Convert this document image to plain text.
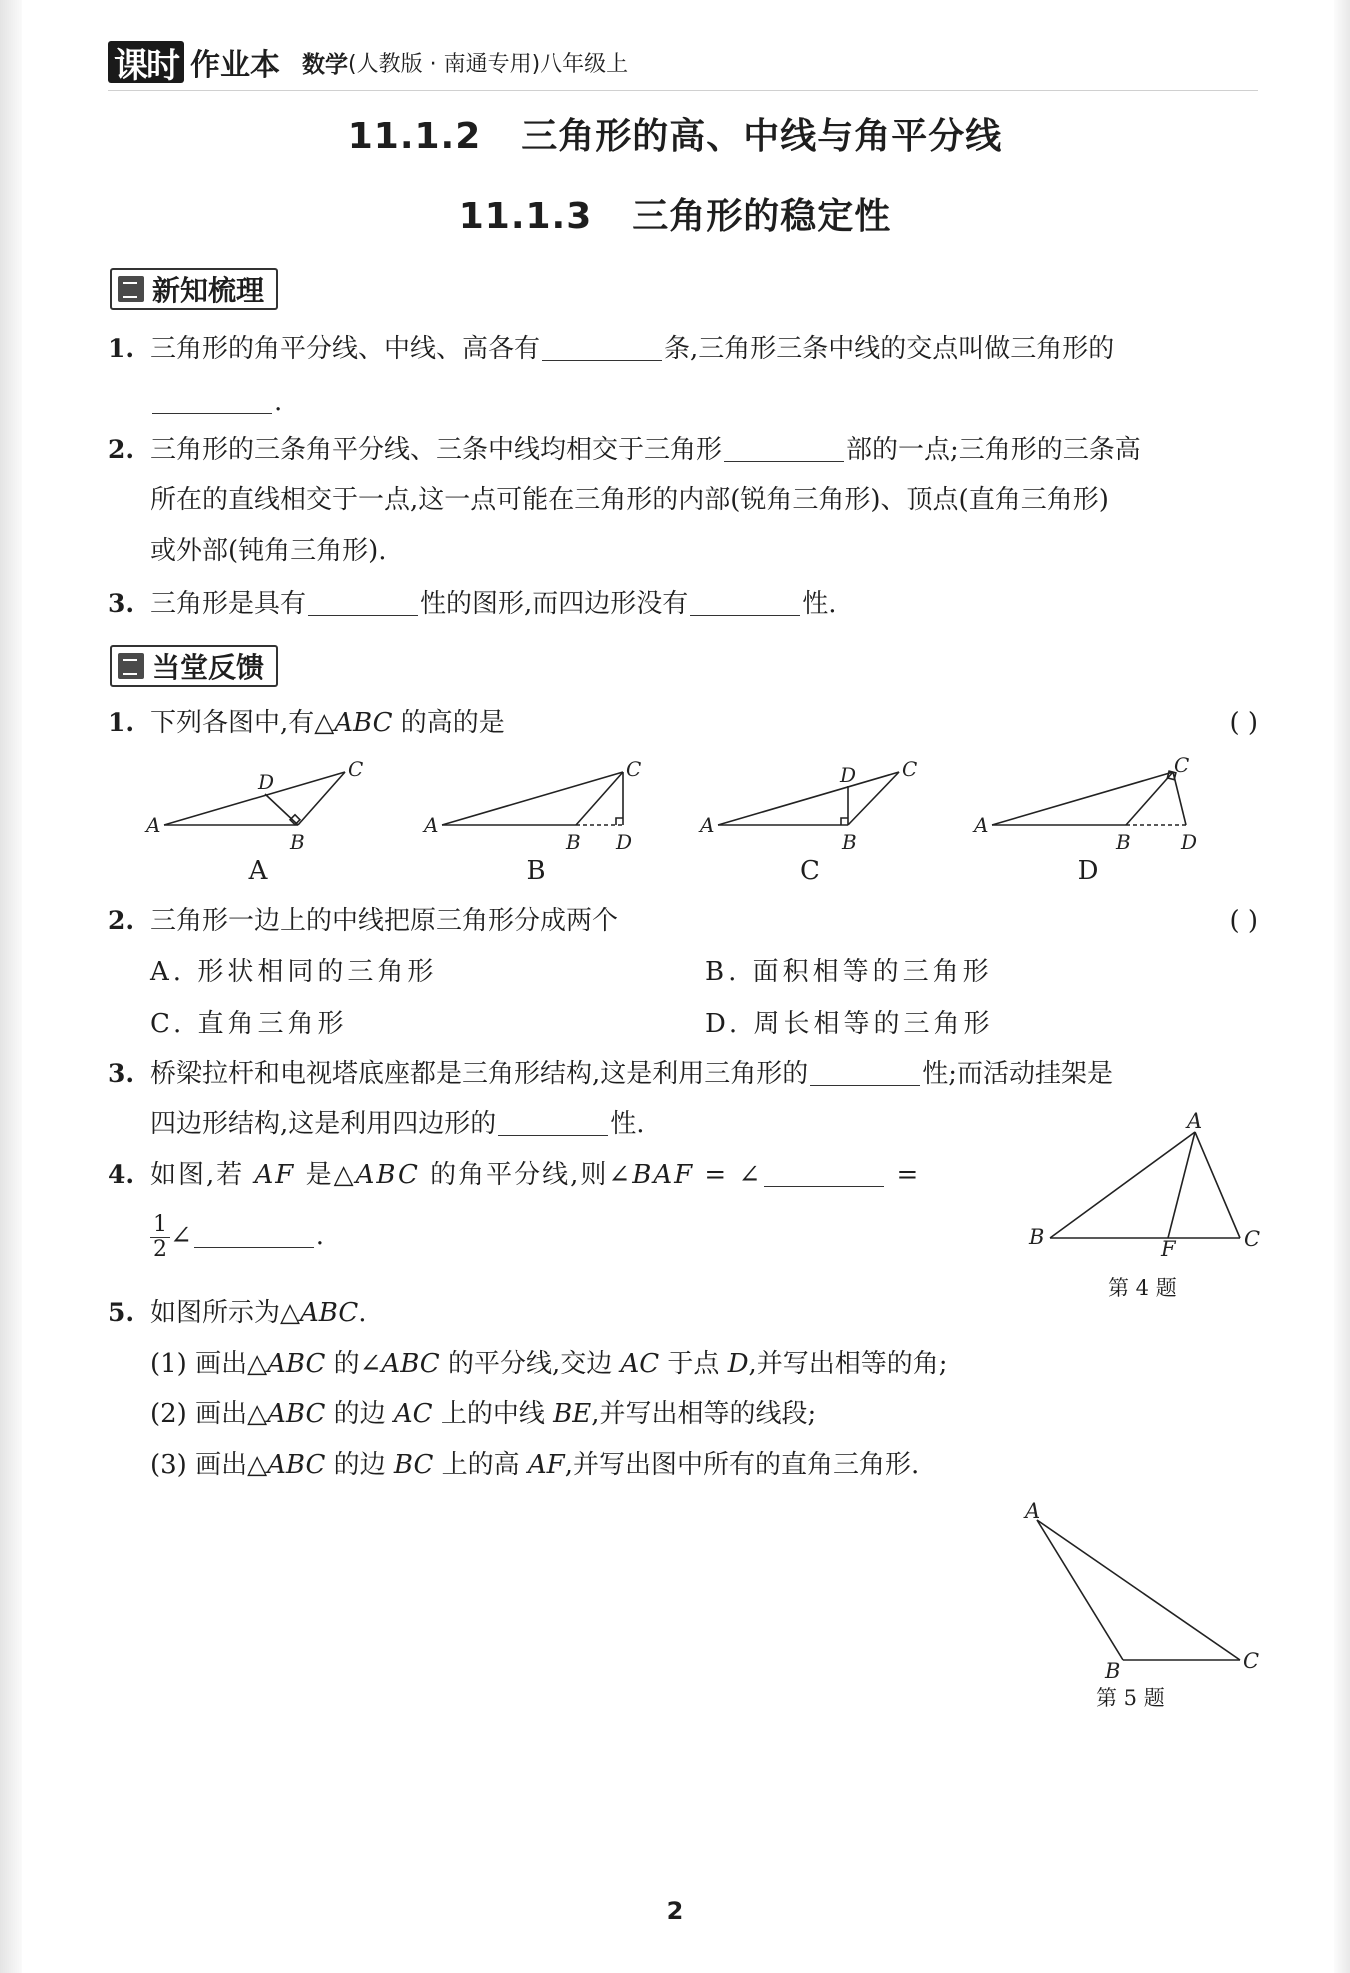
课时 作业本 数学 (人教版 · 南通专用)八年级上
11.1.2 三角形的高、中线与角平分线
11.1.3 三角形的稳定性
新知梳理
1. 三角形的角平分线、中线、高各有	条,三角形三条中线的交点叫做三角形的
.
2. 三角形的三条角平分线、三条中线均相交于三角形	部的一点;三角形的三条高
所在的直线相交于一点,这一点可能在三角形的内部(锐角三角形)、顶点(直角三角形)
或外部(钝角三角形).
3. 三角形是具有	性的图形,而四边形没有	性.
当堂反馈
1. 下列各图中,有△ABC 的高的是	( )
A
D
B
C
A
A
B D
C
B
A
D
B
C
C
A
B	D
C
D
2. 三角形一边上的中线把原三角形分成两个	( )
A. 形状相同的三角形	B. 面积相等的三角形
C. 直角三角形	D. 周长相等的三角形
3. 桥梁拉杆和电视塔底座都是三角形结构,这是利用三角形的	性;而活动挂架是
四边形结构,这是利用四边形的	性.
4. 如图,若 AF 是△ABC 的角平分线,则∠BAF = ∠	=
$\frac{1}{2}$ ∠	.
A
B	F	C
第 4 题
5. 如图所示为△ABC.
(1) 画出△ABC 的∠ABC 的平分线,交边 AC 于点 D,并写出相等的角;
(2) 画出△ABC 的边 AC 上的中线 BE,并写出相等的线段;
(3) 画出△ABC 的边 BC 上的高 AF,并写出图中所有的直角三角形.
A
B	C
第 5 题
2
